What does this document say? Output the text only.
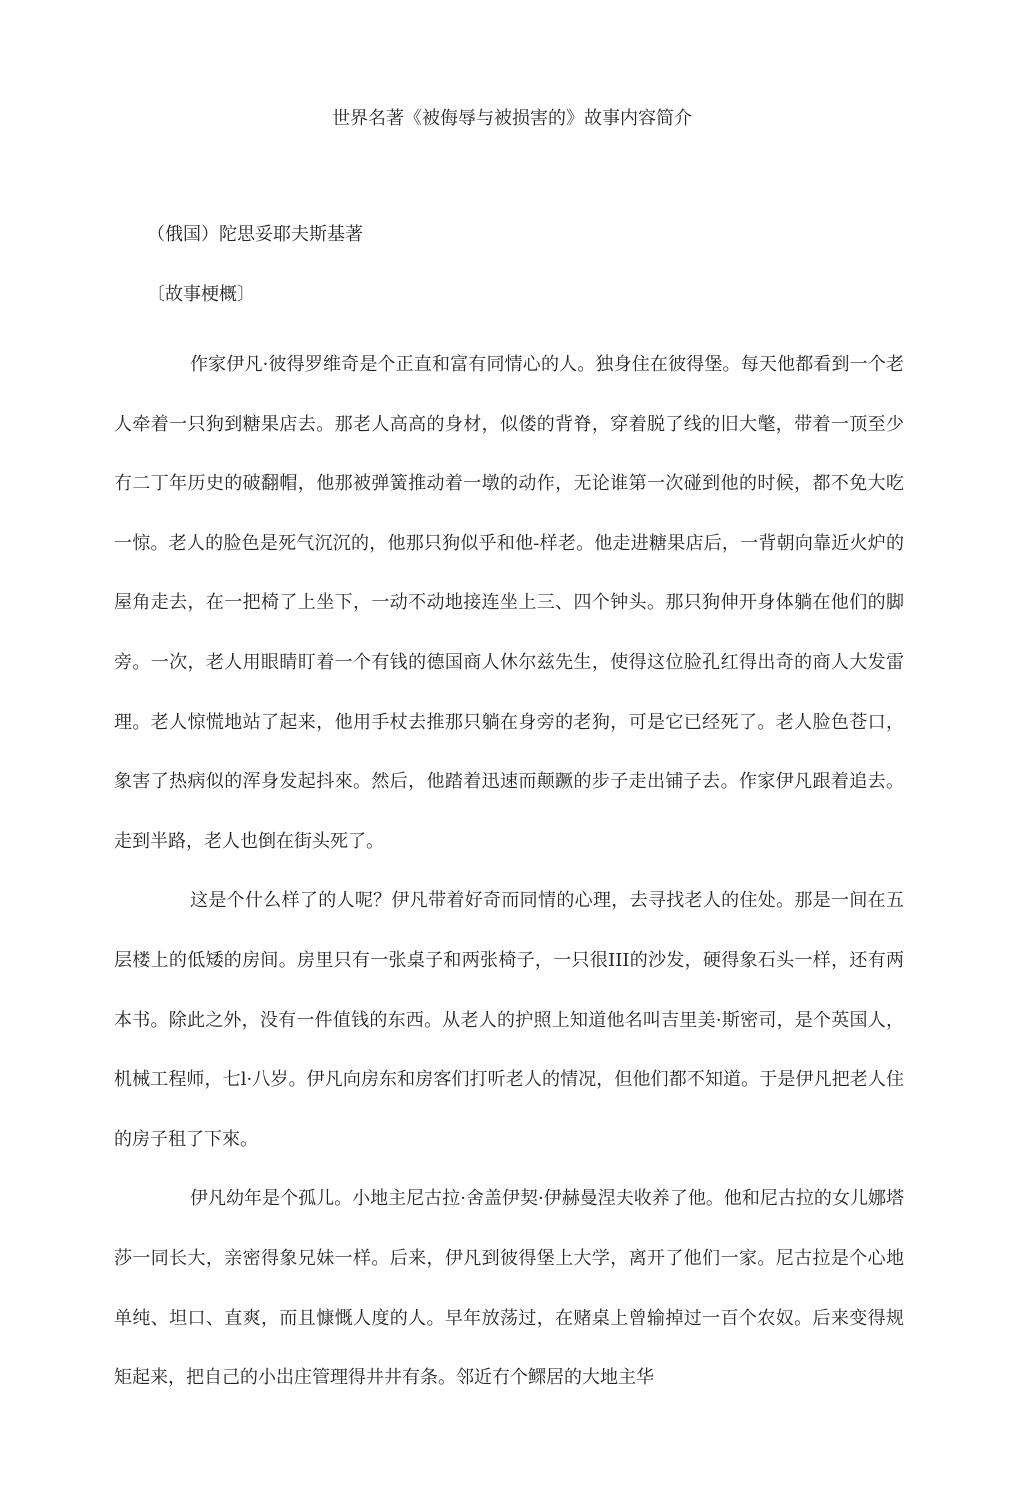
世界名著《被侮辱与被损害的》故事内容简介
（俄国）陀思妥耶夫斯基著
〔故事梗概〕

作家伊凡·彼得罗维奇是个正直和富有同情心的人。独身住在彼得堡。每天他都看到一个老人牵着一只狗到糖果店去。那老人高高的身材，似偻的背脊，穿着脱了线的旧大氅，带着一顶至少冇二丁年历史的破翻帽，他那被弹簧推动着一墩的动作，无论谁第一次碰到他的时候，都不免大吃一惊。老人的脸色是死气沉沉的，他那只狗似乎和他-样老。他走进糖果店后，一背朝向靠近火炉的屋角走去，在一把椅了上坐下，一动不动地接连坐上三、四个钟头。那只狗伸开身体躺在他们的脚旁。一次，老人用眼睛盯着一个有钱的德国商人休尔兹先生，使得这位脸孔红得出奇的商人大发雷理。老人惊慌地站了起来，他用手杖去推那只躺在身旁的老狗，可是它已经死了。老人脸色苍口，象害了热病似的浑身发起抖來。然后，他踏着迅速而颠蹶的步子走出铺子去。作家伊凡跟着追去。走到半路，老人也倒在街头死了。

这是个什么样了的人呢？伊凡带着好奇而同情的心理，去寻找老人的住处。那是一间在五层楼上的低矮的房间。房里只有一张桌子和两张椅子，一只很III的沙发，硬得象石头一样，还有两本书。除此之外，没有一件值钱的东西。从老人的护照上知道他名叫吉里美·斯密司，是个英国人，机械工程师，七l·八岁。伊凡向房东和房客们打听老人的情况，但他们都不知道。于是伊凡把老人住的房子租了下來。

伊凡幼年是个孤儿。小地主尼古拉·舍盖伊契·伊赫曼涅夫收养了他。他和尼古拉的女儿娜塔莎一同长大，亲密得象兄妹一样。后来，伊凡到彼得堡上大学，离开了他们一家。尼古拉是个心地单纯、坦口、直爽，而且慷慨人度的人。早年放荡过，在赌桌上曾输掉过一百个农奴。后来变得规矩起来，把自己的小岀庄管理得井井有条。邻近冇个鳏居的大地主华
